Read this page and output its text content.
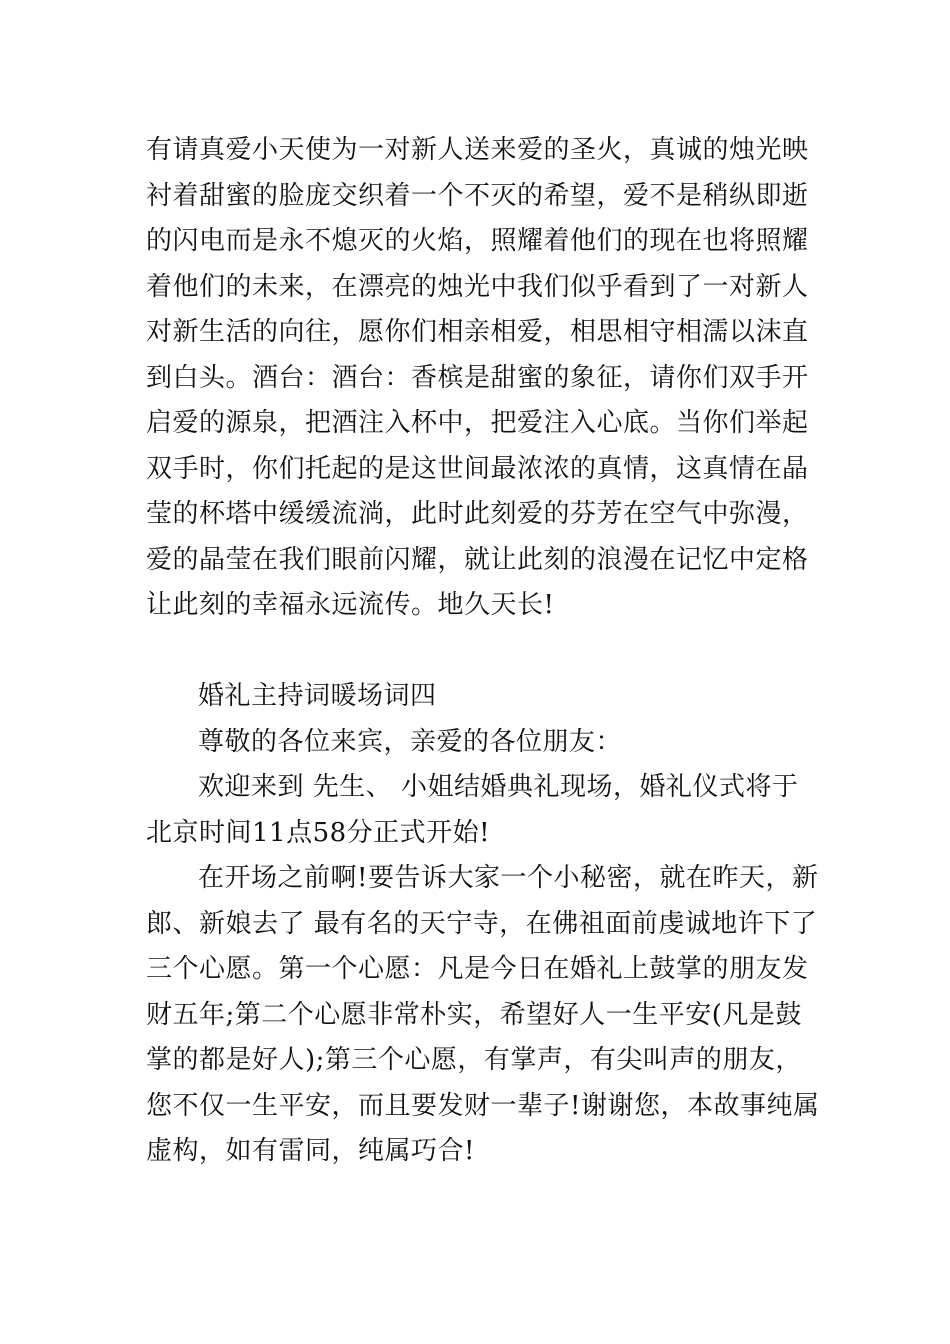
有请真爱小天使为一对新人送来爱的圣火，真诚的烛光映
衬着甜蜜的脸庞交织着一个不灭的希望，爱不是稍纵即逝
的闪电而是永不熄灭的火焰，照耀着他们的现在也将照耀
着他们的未来，在漂亮的烛光中我们似乎看到了一对新人
对新生活的向往，愿你们相亲相爱，相思相守相濡以沫直
到白头。酒台：酒台：香槟是甜蜜的象征，请你们双手开
启爱的源泉，把酒注入杯中，把爱注入心底。当你们举起
双手时，你们托起的是这世间最浓浓的真情，这真情在晶
莹的杯塔中缓缓流淌，此时此刻爱的芬芳在空气中弥漫，
爱的晶莹在我们眼前闪耀，就让此刻的浪漫在记忆中定格
让此刻的幸福永远流传。地久天长!
婚礼主持词暖场词四
尊敬的各位来宾，亲爱的各位朋友：
欢迎来到 先生、 小姐结婚典礼现场，婚礼仪式将于
北京时间11点58分正式开始!
在开场之前啊!要告诉大家一个小秘密，就在昨天，新
郎、新娘去了 最有名的天宁寺，在佛祖面前虔诚地许下了
三个心愿。第一个心愿：凡是今日在婚礼上鼓掌的朋友发
财五年;第二个心愿非常朴实，希望好人一生平安(凡是鼓
掌的都是好人);第三个心愿，有掌声，有尖叫声的朋友，
您不仅一生平安，而且要发财一辈子!谢谢您，本故事纯属
虚构，如有雷同，纯属巧合!
